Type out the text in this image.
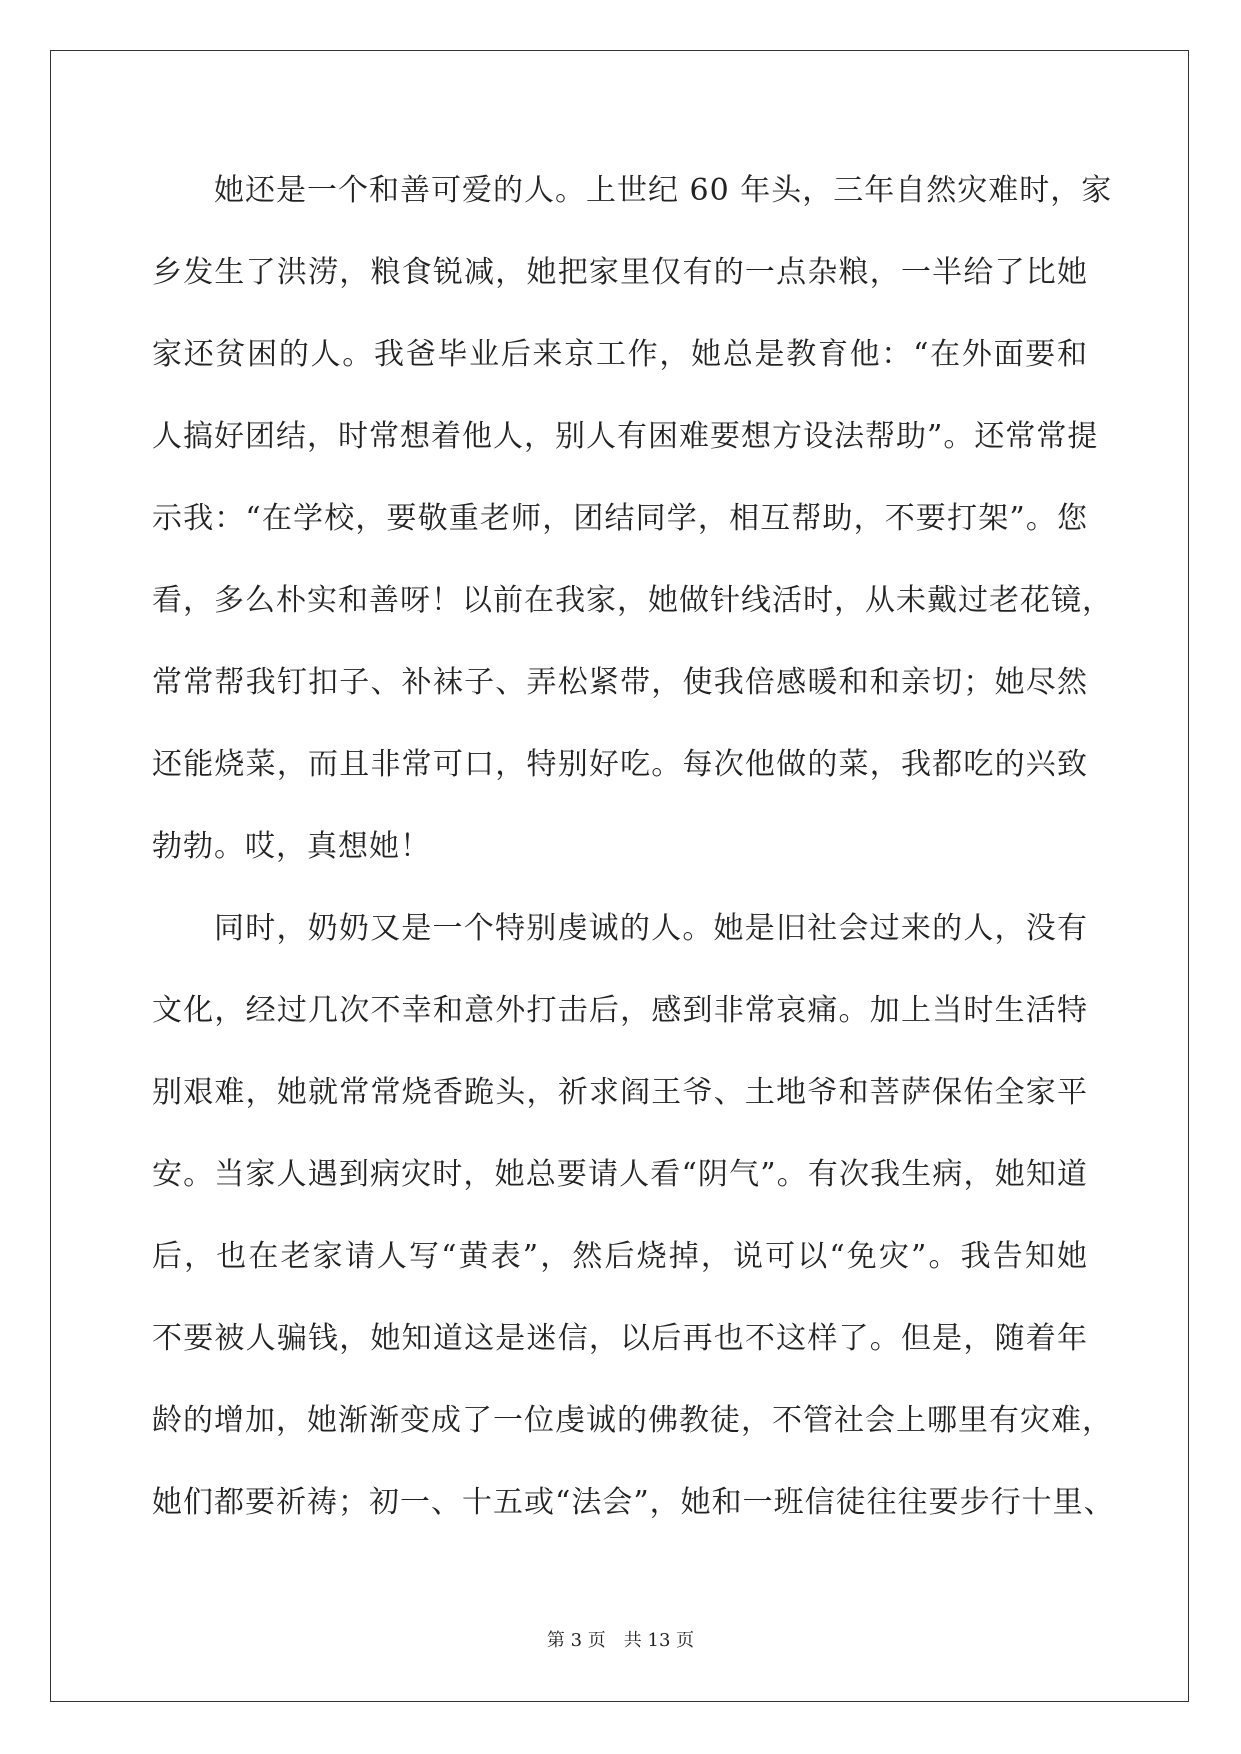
她还是一个和善可爱的人。上世纪 60 年头，三年自然灾难时，家
乡发生了洪涝，粮食锐减，她把家里仅有的一点杂粮，一半给了比她
家还贫困的人。我爸毕业后来京工作，她总是教育他：“在外面要和
人搞好团结，时常想着他人，别人有困难要想方设法帮助”。还常常提
示我：“在学校，要敬重老师，团结同学，相互帮助，不要打架”。您
看，多么朴实和善呀！以前在我家，她做针线活时，从未戴过老花镜，
常常帮我钉扣子、补袜子、弄松紧带，使我倍感暖和和亲切；她尽然
还能烧菜，而且非常可口，特别好吃。每次他做的菜，我都吃的兴致
勃勃。哎，真想她！
同时，奶奶又是一个特别虔诚的人。她是旧社会过来的人，没有
文化，经过几次不幸和意外打击后，感到非常哀痛。加上当时生活特
别艰难，她就常常烧香跪头，祈求阎王爷、土地爷和菩萨保佑全家平
安。当家人遇到病灾时，她总要请人看“阴气”。有次我生病，她知道
后，也在老家请人写“黄表”，然后烧掉，说可以“免灾”。我告知她
不要被人骗钱，她知道这是迷信，以后再也不这样了。但是，随着年
龄的增加，她渐渐变成了一位虔诚的佛教徒，不管社会上哪里有灾难，
她们都要祈祷；初一、十五或“法会”，她和一班信徒往往要步行十里、
第 3 页　共 13 页
